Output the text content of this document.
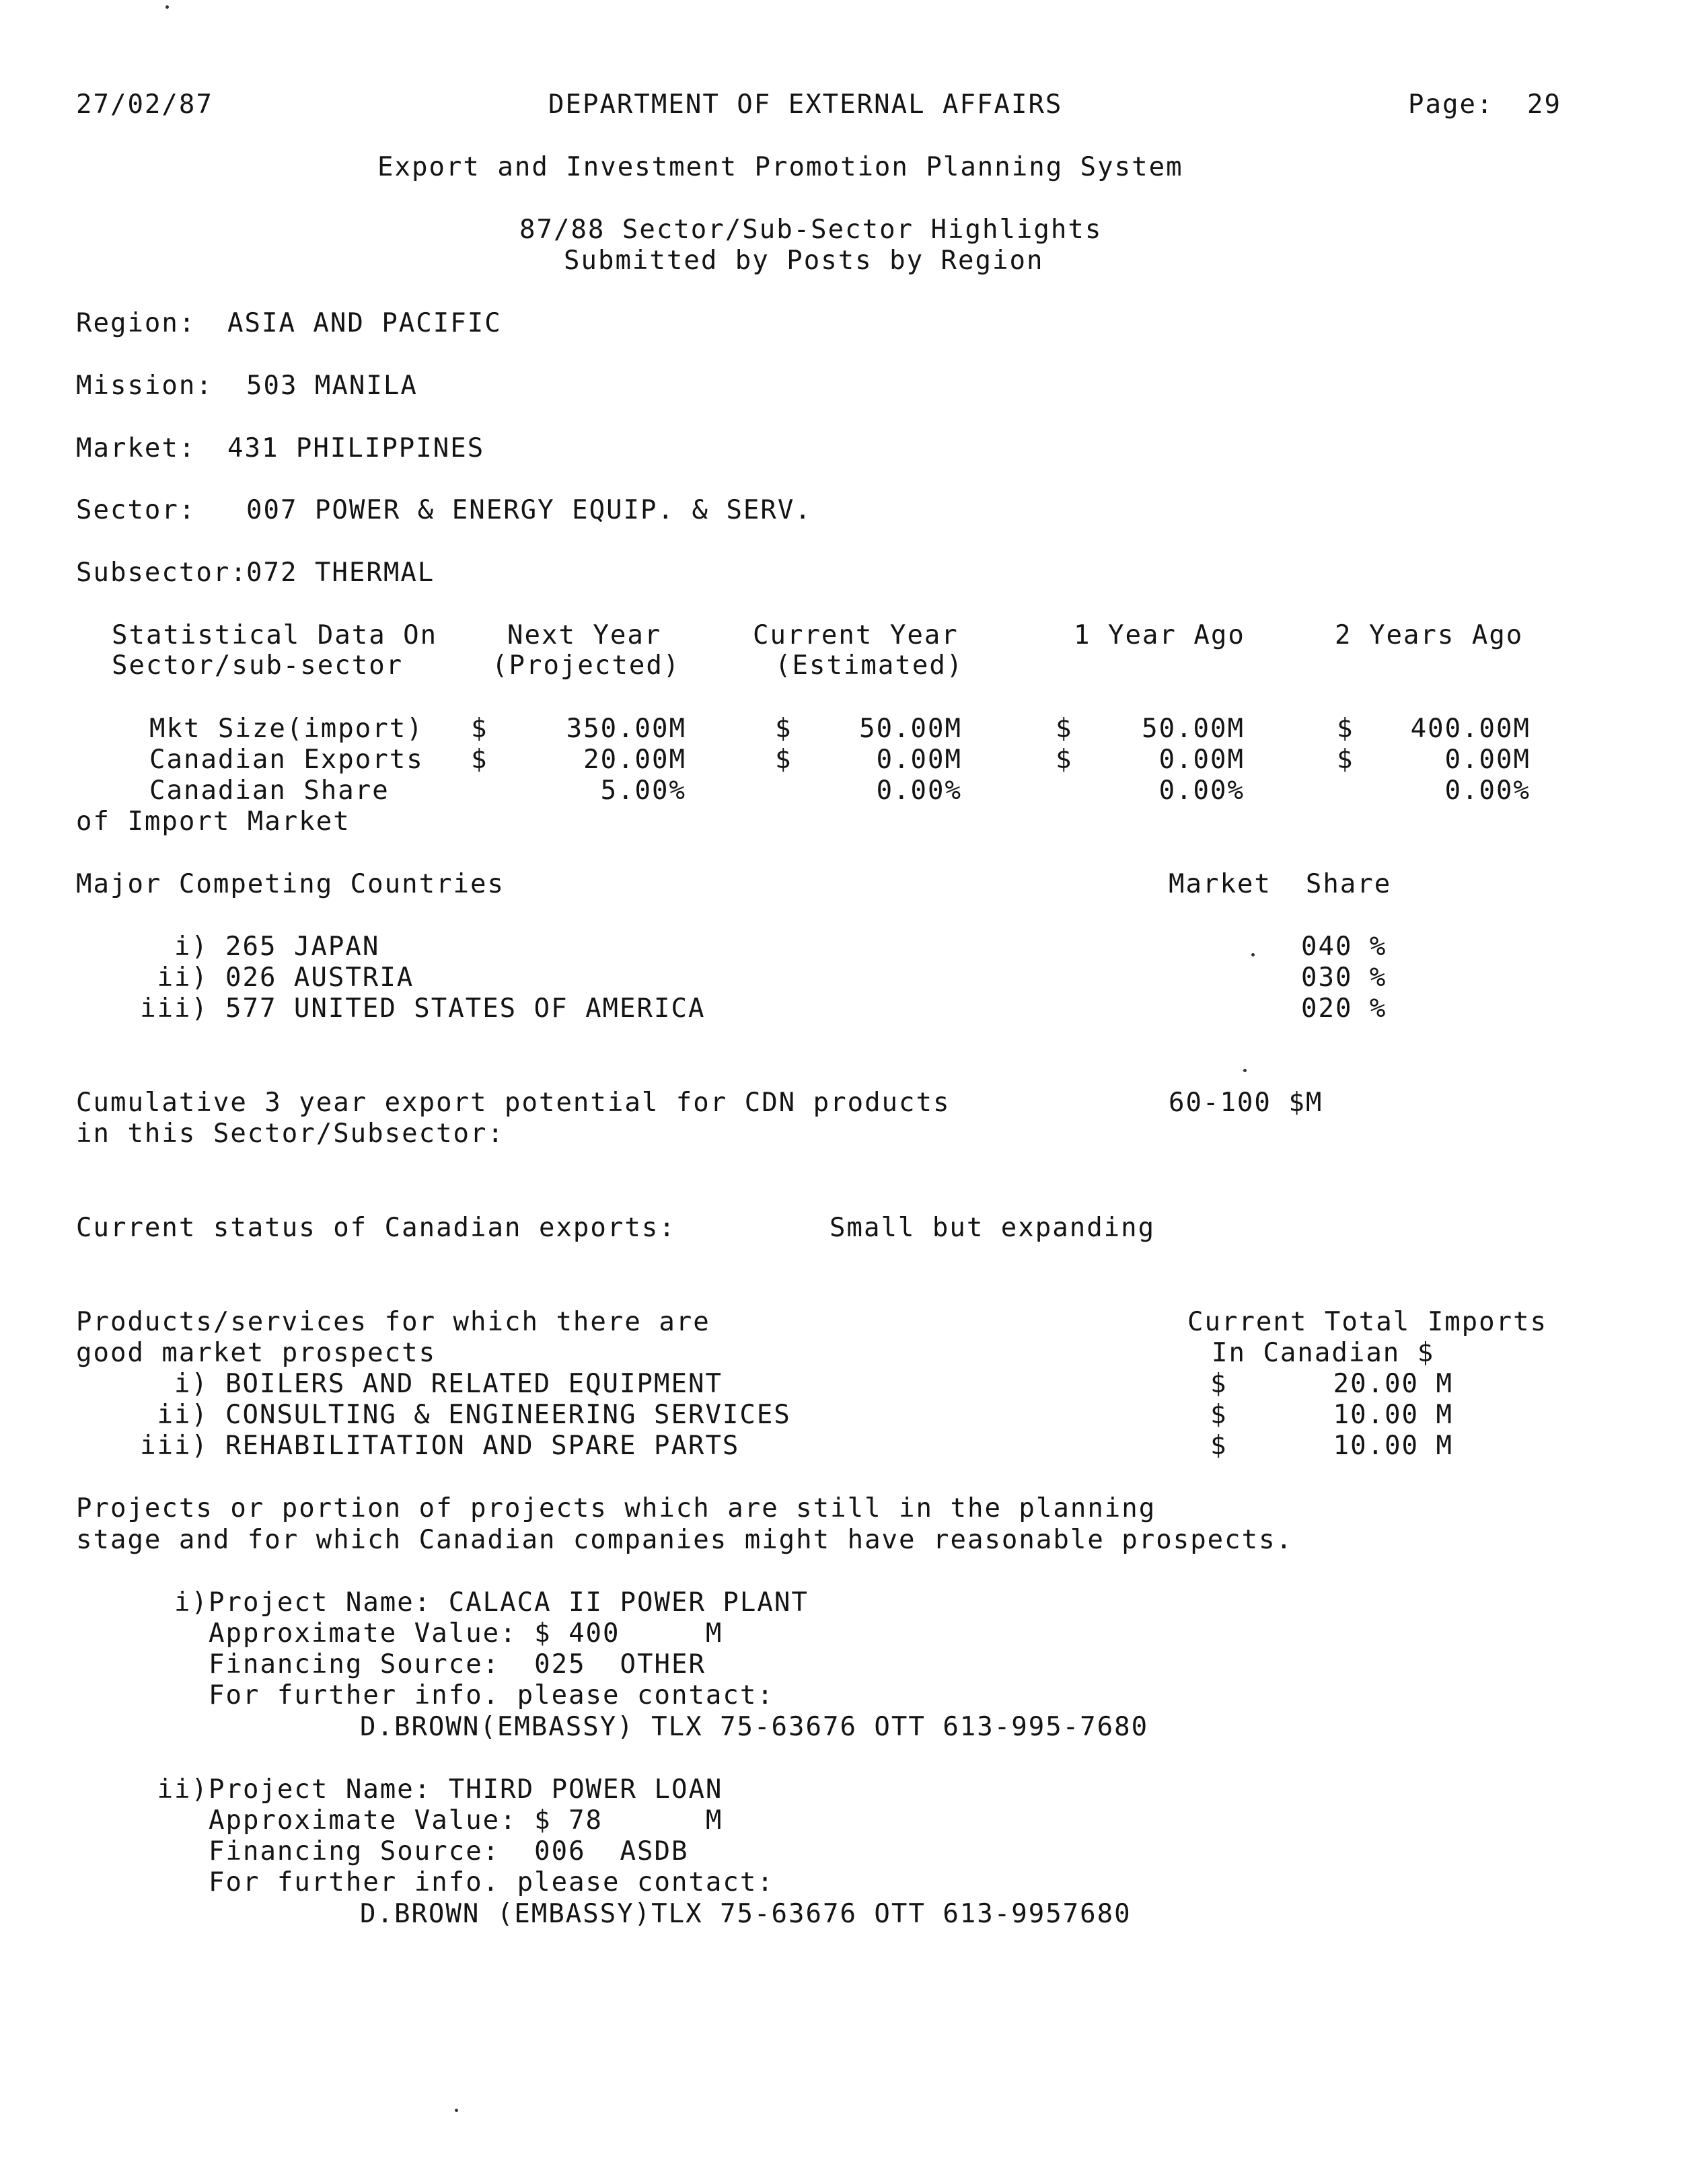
27/02/87	DEPARTMENT OF EXTERNAL AFFAIRS	Page: 29
Export and Investment Promotion Planning System
87/88 Sector/Sub-Sector Highlights
Submitted by Posts by Region
Region: ASIA AND PACIFIC
Mission: 503 MANILA
Market: 431 PHILIPPINES
Sector: 007 POWER & ENERGY EQUIP. & SERV.
Subsector:
072 THERMAL
Statistical Data On	Next Year	Current Year	1 Year Ago	2 Years Ago
Sector/sub-sector	(Projected)	(Estimated)
Mkt Size(import) $	350.00M	$	50.00M	$	50.00M	$	400.00M
Canadian Exports $	20.00M	$	0.00M	$	0.00M	$	0.00M
Canadian Share	5.00%	0.00%	0.00%	0.00%
of Import Market
Major Competing Countries	Market  Share
i) 265 JAPAN	040 %
ii) 026 AUSTRIA	030 %
iii) 577 UNITED STATES OF AMERICA	020 %
Cumulative 3 year export potential for CDN products
in this Sector/Subsector:
60-100 $M
Current status of Canadian exports:	Small but expanding
Products/services for which there are
good market prospects
Current Total Imports
In Canadian $
i) BOILERS AND RELATED EQUIPMENT	$	20.00 M
ii) CONSULTING & ENGINEERING SERVICES	$	10.00 M
iii) REHABILITATION AND SPARE PARTS	$	10.00 M
Projects or portion of projects which are still in the planning
stage and for which Canadian companies might have reasonable prospects.
i) Project Name: CALACA II POWER PLANT
Approximate Value: $ 400     M
Financing Source:  025  OTHER
For further info. please contact:
D.BROWN(EMBASSY) TLX 75-63676 OTT 613-995-7680
ii) Project Name: THIRD POWER LOAN
Approximate Value: $ 78      M
Financing Source:  006  ASDB
For further info. please contact:
D.BROWN (EMBASSY)TLX 75-63676 OTT 613-9957680
